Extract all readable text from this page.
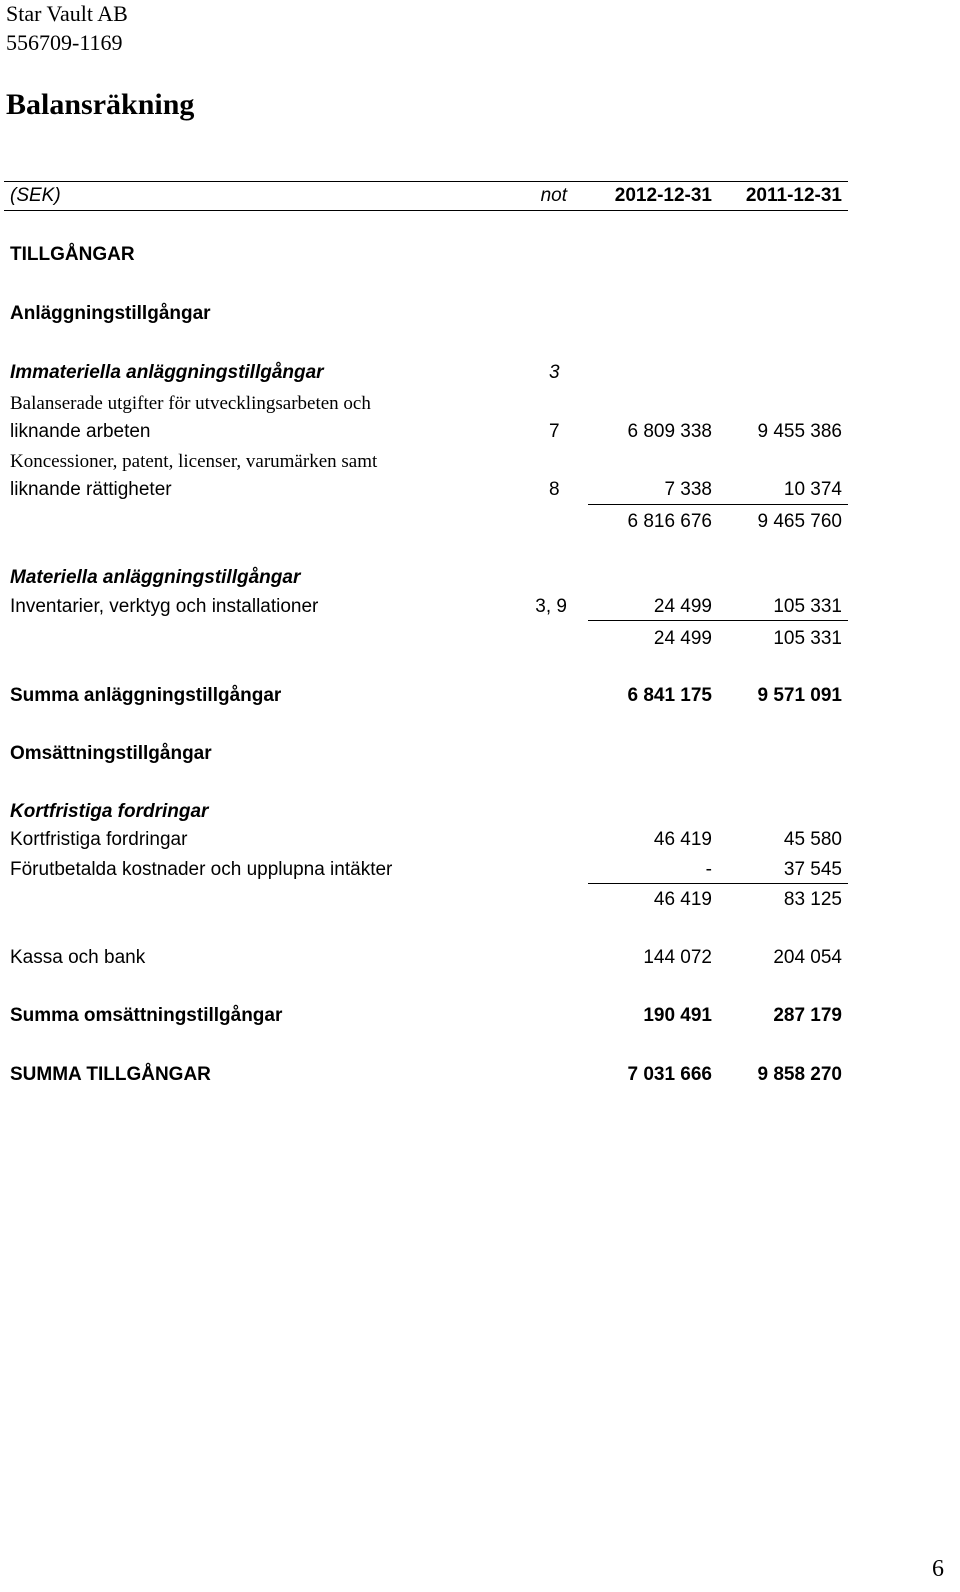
Star Vault AB
556709-1169
Balansräkning
(SEK)	not	2012-12-31	2011-12-31
TILLGÅNGAR
Anläggningstillgångar
Immateriella anläggningstillgångar	3
Balanserade utgifter för utvecklingsarbeten och
liknande arbeten	7	6 809 338	9 455 386
Koncessioner, patent, licenser, varumärken samt
liknande rättigheter	8	7 338	10 374
6 816 676	9 465 760
Materiella anläggningstillgångar
Inventarier, verktyg och installationer	3, 9	24 499	105 331
24 499	105 331
Summa anläggningstillgångar	6 841 175	9 571 091
Omsättningstillgångar
Kortfristiga fordringar
Kortfristiga fordringar	46 419	45 580
Förutbetalda kostnader och upplupna intäkter	-	37 545
46 419	83 125
Kassa och bank	144 072	204 054
Summa omsättningstillgångar	190 491	287 179
SUMMA TILLGÅNGAR	7 031 666	9 858 270
6
